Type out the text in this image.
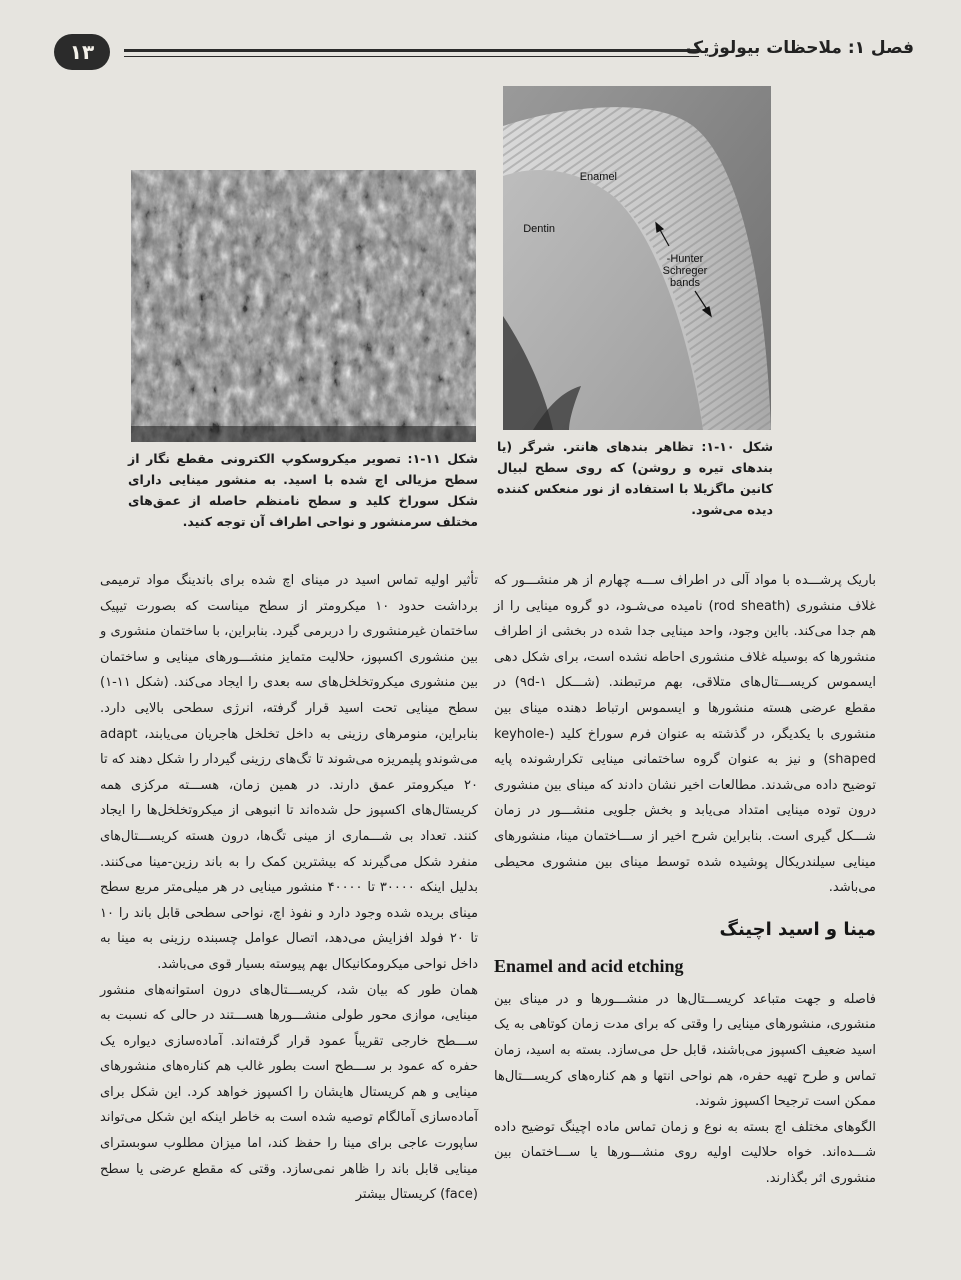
۱۳	فصل ۱: ملاحظات بیولوژیک
Enamel
Dentin
Hunter-
Schreger
bands

شکل ۱۰-۱: تظاهر بندهای هانتر. شرگر (یا بندهای تیره و روشن) که روی سطح لبیال کانین ماگزیلا با استفاده از نور منعکس کننده دیده می‌شود.

شکل ۱۱-۱: تصویر میکروسکوپ الکترونی مقطع نگار از سطح مزیالی اچ شده با اسید. به منشور مینایی دارای شکل سوراخ کلید و سطح نامنظم حاصله از عمق‌های مختلف سرمنشور و نواحی اطراف آن توجه کنید.

باریک پرشـــده با مواد آلی در اطراف ســـه چهارم از هر منشـــور که غلاف منشوری (rod sheath) نامیده می‌شـود، دو گروه مینایی را از هم جدا می‌کند. بااین وجود، واحد مینایی جدا شده در بخشی از اطراف منشورها که بوسیله غلاف منشوری احاطه نشده است، برای شکل دهی ایسموس کریســـتال‌های متلاقی، بهم مرتبطند. (شـــکل ۹d-۱) در مقطع عرضی هسته منشورها و ایسموس ارتباط دهنده مینای بین منشوری با یکدیگر، در گذشته به عنوان فرم سوراخ کلید (keyhole-shaped) و نیز به عنوان گروه ساختمانی مینایی تکرارشونده پایه توضیح داده می‌شدند. مطالعات اخیر نشان دادند که مینای بین منشوری درون توده مینایی امتداد می‌یابد و بخش جلویی منشـــور در زمان شـــکل گیری است. بنابراین شرح اخیر از ســـاختمان مینا، منشورهای مینایی سیلندریکال پوشیده شده توسط مینای بین منشوری محیطی می‌باشد.

مینا و اسید اچینگ
Enamel and acid etching

فاصله و جهت متباعد کریســـتال‌ها در منشـــورها و در مینای بین منشوری، منشورهای مینایی را وقتی که برای مدت زمان کوتاهی به یک اسید ضعیف اکسپوز می‌باشند، قابل حل می‌سازد. بسته به اسید، زمان تماس و طرح تهیه حفره، هم نواحی انتها و هم کناره‌های کریســـتال‌ها ممکن است ترجیحا اکسپوز شوند.

الگوهای مختلف اچ بسته به نوع و زمان تماس ماده اچینگ توضیح داده شـــده‌اند. خواه حلالیت اولیه روی منشـــورها یا ســـاختمان بین منشوری اثر بگذارند.

تأثیر اولیه تماس اسید در مینای اچ شده برای باندینگ مواد ترمیمی برداشت حدود ۱۰ میکرومتر از سطح میناست که بصورت تیپیک ساختمان غیرمنشوری را دربرمی گیرد. بنابراین، با ساختمان منشوری و بین منشوری اکسپوز، حلالیت متمایز منشـــورهای مینایی و ساختمان بین منشوری میکروتخلخل‌های سه بعدی را ایجاد می‌کند. (شکل ۱۱-۱) سطح مینایی تحت اسید قرار گرفته، انرژی سطحی بالایی دارد. بنابراین، منومرهای رزینی به داخل تخلخل هاجریان می‌یابند، adapt می‌شوندو پلیمریزه می‌شوند تا تگ‌های رزینی گیردار را شکل دهند که تا ۲۰ میکرومتر عمق دارند. در همین زمان، هســـته مرکزی همه کریستال‌های اکسپوز حل شده‌اند تا انبوهی از میکروتخلخل‌ها را ایجاد کنند. تعداد بی شـــماری از مینی تگ‌ها، درون هسته کریســـتال‌های منفرد شکل می‌گیرند که بیشترین کمک را به باند رزین-مینا می‌کنند. بدلیل اینکه ۳۰۰۰۰ تا ۴۰۰۰۰ منشور مینایی در هر میلی‌متر مربع سطح مینای بریده شده وجود دارد و نفوذ اچ، نواحی سطحی قابل باند را ۱۰ تا ۲۰ فولد افزایش می‌دهد، اتصال عوامل چسبنده رزینی به مینا به داخل نواحی میکرومکانیکال بهم پیوسته بسیار قوی می‌باشد.

همان طور که بیان شد، کریســـتال‌های درون استوانه‌های منشور مینایی، موازی محور طولی منشـــورها هســـتند در حالی که نسبت به ســـطح خارجی تقریباً عمود قرار گرفته‌اند. آماده‌سازی دیواره یک حفره که عمود بر ســـطح است بطور غالب هم کناره‌های منشورهای مینایی و هم کریستال هایشان را اکسپوز خواهد کرد. این شکل برای آماده‌سازی آمالگام توصیه شده است به خاطر اینکه این شکل می‌تواند ساپورت عاجی برای مینا را حفظ کند، اما میزان مطلوب سوبسترای مینایی قابل باند را ظاهر نمی‌سازد. وقتی که مقطع عرضی یا سطح (face) کریستال بیشتر
